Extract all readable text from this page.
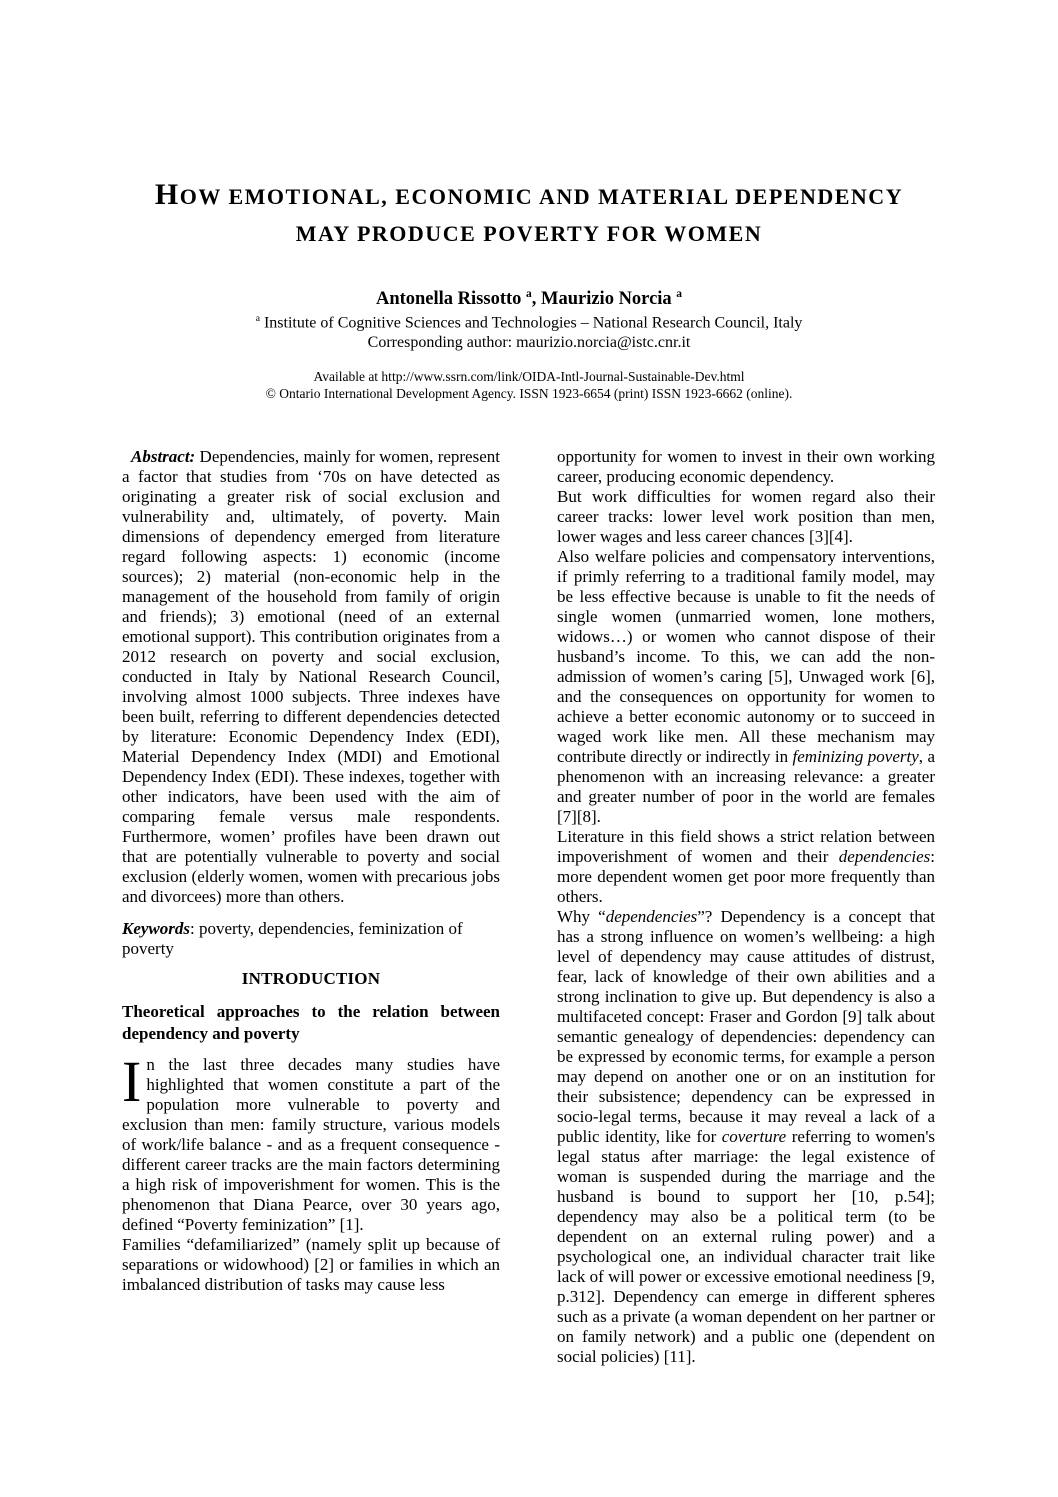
HOW EMOTIONAL, ECONOMIC AND MATERIAL DEPENDENCY
MAY PRODUCE POVERTY FOR WOMEN

Antonella Rissotto $^a$, Maurizio Norcia $^a$

$^a$ Institute of Cognitive Sciences and Technologies – National Research Council, Italy

Corresponding author: maurizio.norcia@istc.cnr.it

Available at http://www.ssrn.com/link/OIDA-Intl-Journal-Sustainable-Dev.html

© Ontario International Development Agency. ISSN 1923-6654 (print) ISSN 1923-6662 (online).

Abstract: Dependencies, mainly for women, represent a factor that studies from ‘70s on have detected as originating a greater risk of social exclusion and vulnerability and, ultimately, of poverty. Main dimensions of dependency emerged from literature regard following aspects: 1) economic (income sources); 2) material (non-economic help in the management of the household from family of origin and friends); 3) emotional (need of an external emotional support). This contribution originates from a 2012 research on poverty and social exclusion, conducted in Italy by National Research Council, involving almost 1000 subjects. Three indexes have been built, referring to different dependencies detected by literature: Economic Dependency Index (EDI), Material Dependency Index (MDI) and Emotional Dependency Index (EDI). These indexes, together with other indicators, have been used with the aim of comparing female versus male respondents. Furthermore, women’ profiles have been drawn out that are potentially vulnerable to poverty and social exclusion (elderly women, women with precarious jobs and divorcees) more than others.

Keywords: poverty, dependencies, feminization of poverty

INTRODUCTION
Theoretical approaches to the relation between dependency and poverty

In the last three decades many studies have highlighted that women constitute a part of the population more vulnerable to poverty and exclusion than men: family structure, various models of work/life balance - and as a frequent consequence - different career tracks are the main factors determining a high risk of impoverishment for women. This is the phenomenon that Diana Pearce, over 30 years ago, defined “Poverty feminization” [1].

Families “defamiliarized” (namely split up because of separations or widowhood) [2] or families in which an imbalanced distribution of tasks may cause less

opportunity for women to invest in their own working career, producing economic dependency.

But work difficulties for women regard also their career tracks: lower level work position than men, lower wages and less career chances [3][4].

Also welfare policies and compensatory interventions, if primly referring to a traditional family model, may be less effective because is unable to fit the needs of single women (unmarried women, lone mothers, widows…) or women who cannot dispose of their husband’s income. To this, we can add the non-admission of women’s caring [5], Unwaged work [6], and the consequences on opportunity for women to achieve a better economic autonomy or to succeed in waged work like men. All these mechanism may contribute directly or indirectly in feminizing poverty, a phenomenon with an increasing relevance: a greater and greater number of poor in the world are females [7][8].

Literature in this field shows a strict relation between impoverishment of women and their dependencies: more dependent women get poor more frequently than others.

Why “dependencies”? Dependency is a concept that has a strong influence on women’s wellbeing: a high level of dependency may cause attitudes of distrust, fear, lack of knowledge of their own abilities and a strong inclination to give up. But dependency is also a multifaceted concept: Fraser and Gordon [9] talk about semantic genealogy of dependencies: dependency can be expressed by economic terms, for example a person may depend on another one or on an institution for their subsistence; dependency can be expressed in socio-legal terms, because it may reveal a lack of a public identity, like for coverture referring to women's legal status after marriage: the legal existence of woman is suspended during the marriage and the husband is bound to support her [10, p.54]; dependency may also be a political term (to be dependent on an external ruling power) and a psychological one, an individual character trait like lack of will power or excessive emotional neediness [9, p.312]. Dependency can emerge in different spheres such as a private (a woman dependent on her partner or on family network) and a public one (dependent on social policies) [11].
